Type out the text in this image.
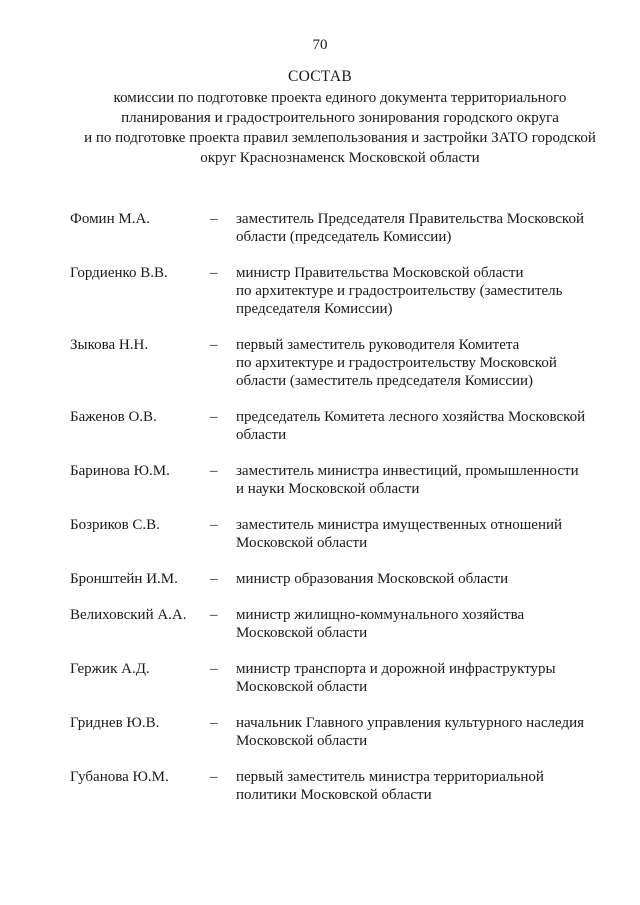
70
СОСТАВ
комиссии по подготовке проекта единого документа территориального
планирования и градостроительного зонирования городского округа
и по подготовке проекта правил землепользования и застройки ЗАТО городской
округ Краснознаменск Московской области
Фомин М.А.	– заместитель Председателя Правительства Московской
области (председатель Комиссии)
Гордиенко В.В.	– министр Правительства Московской области
по архитектуре и градостроительству (заместитель
председателя Комиссии)
Зыкова Н.Н.	– первый заместитель руководителя Комитета
по архитектуре и градостроительству Московской
области (заместитель председателя Комиссии)
Баженов О.В.	– председатель Комитета лесного хозяйства Московской
области
Баринова Ю.М.	– заместитель министра инвестиций, промышленности
и науки Московской области
Бозриков С.В.	– заместитель министра имущественных отношений
Московской области
Бронштейн И.М. – министр образования Московской области
Велиховский А.А. – министр жилищно-коммунального хозяйства
Московской области
Гержик А.Д.	– министр транспорта и дорожной инфраструктуры
Московской области
Гриднев Ю.В.	– начальник Главного управления культурного наследия
Московской области
Губанова Ю.М.	– первый заместитель министра территориальной
политики Московской области
